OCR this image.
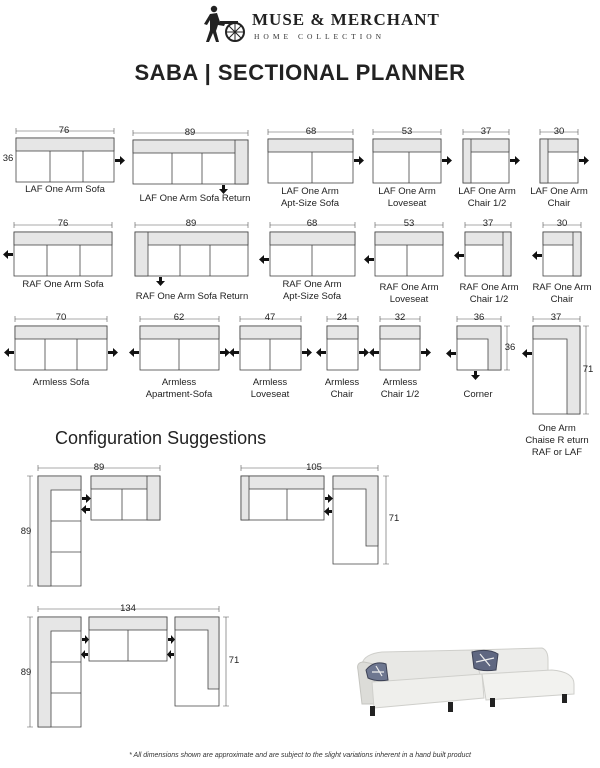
MUSE & MERCHANT
HOME COLLECTION
SABA | SECTIONAL PLANNER
76
36
89	68	53	37	30
76	89	68	53	37	30
70	62	47	24	32	36
36
37
71
89
89
105
71
134
89
71
LAF One Arm Sofa
LAF One Arm Sofa Return
LAF One Arm
Apt-Size Sofa
LAF One Arm
Loveseat
LAF One Arm
Chair 1/2
LAF One Arm
Chair
RAF One Arm Sofa
RAF One Arm Sofa Return
RAF One Arm
Apt-Size Sofa
RAF One Arm
Loveseat
RAF One Arm
Chair 1/2
RAF One Arm
Chair
Armless Sofa	Armless
Apartment-Sofa
Armless
Loveseat
Armless
Chair
Armless
Chair 1/2	Corner
One Arm
Chaise R eturn
RAF or LAF
Configuration Suggestions
* All dimensions shown are approximate and are subject to the slight variations inherent in a hand built product
